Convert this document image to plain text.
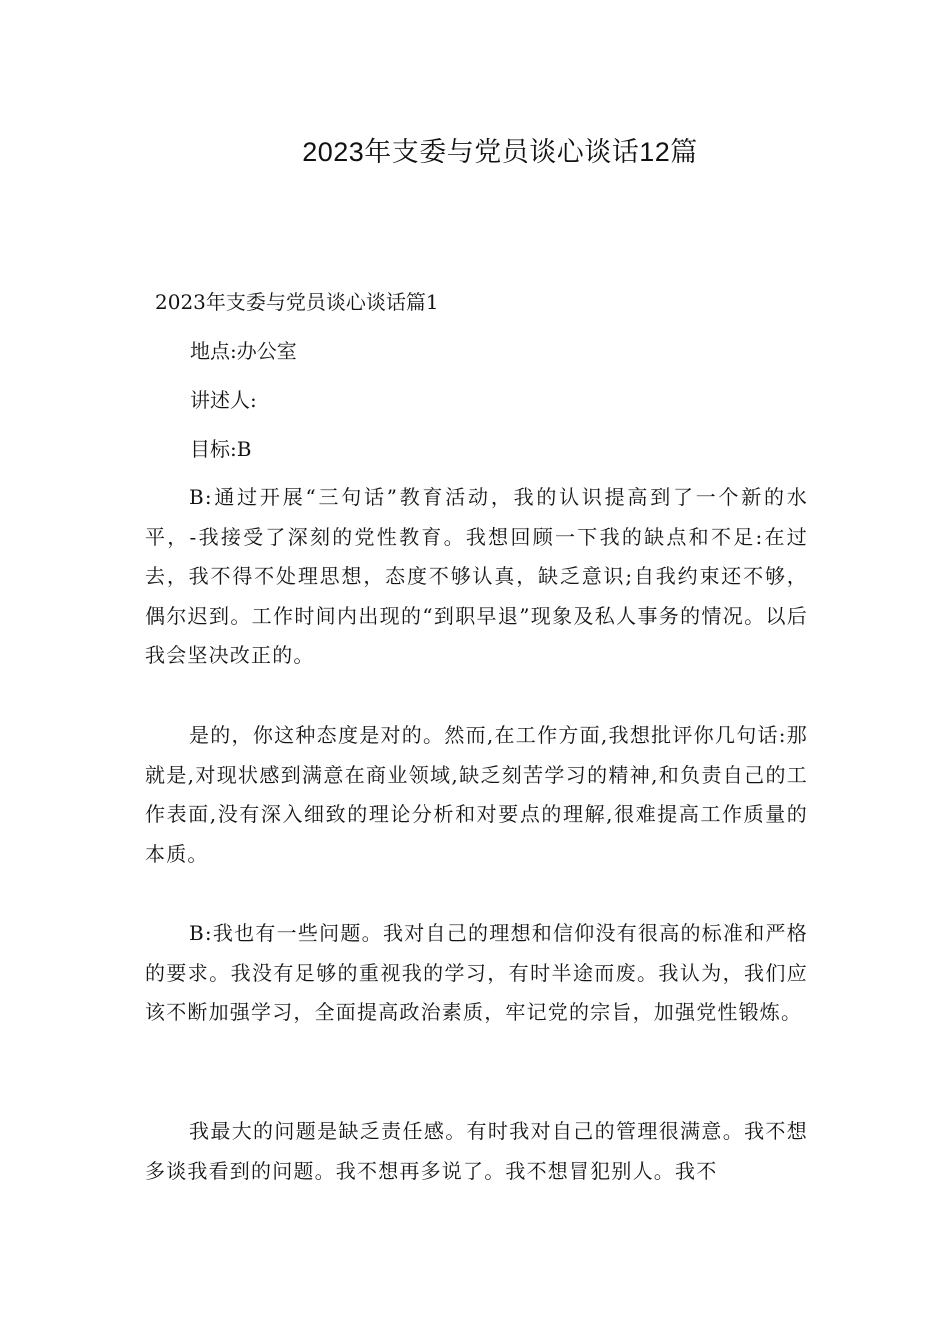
2023年支委与党员谈心谈话12篇
2023年支委与党员谈心谈话篇1
地点:办公室
讲述人:
目标:B

B:通过开展“三句话”教育活动，我的认识提高到了一个新的水平，-我接受了深刻的党性教育。我想回顾一下我的缺点和不足:在过去，我不得不处理思想，态度不够认真，缺乏意识;自我约束还不够，偶尔迟到。工作时间内出现的“到职早退”现象及私人事务的情况。以后我会坚决改正的。

是的，你这种态度是对的。然而,在工作方面,我想批评你几句话:那就是,对现状感到满意在商业领域,缺乏刻苦学习的精神,和负责自己的工作表面,没有深入细致的理论分析和对要点的理解,很难提高工作质量的本质。

B:我也有一些问题。我对自己的理想和信仰没有很高的标准和严格的要求。我没有足够的重视我的学习，有时半途而废。我认为，我们应该不断加强学习，全面提高政治素质，牢记党的宗旨，加强党性锻炼。

我最大的问题是缺乏责任感。有时我对自己的管理很满意。我不想多谈我看到的问题。我不想再多说了。我不想冒犯别人。我不
